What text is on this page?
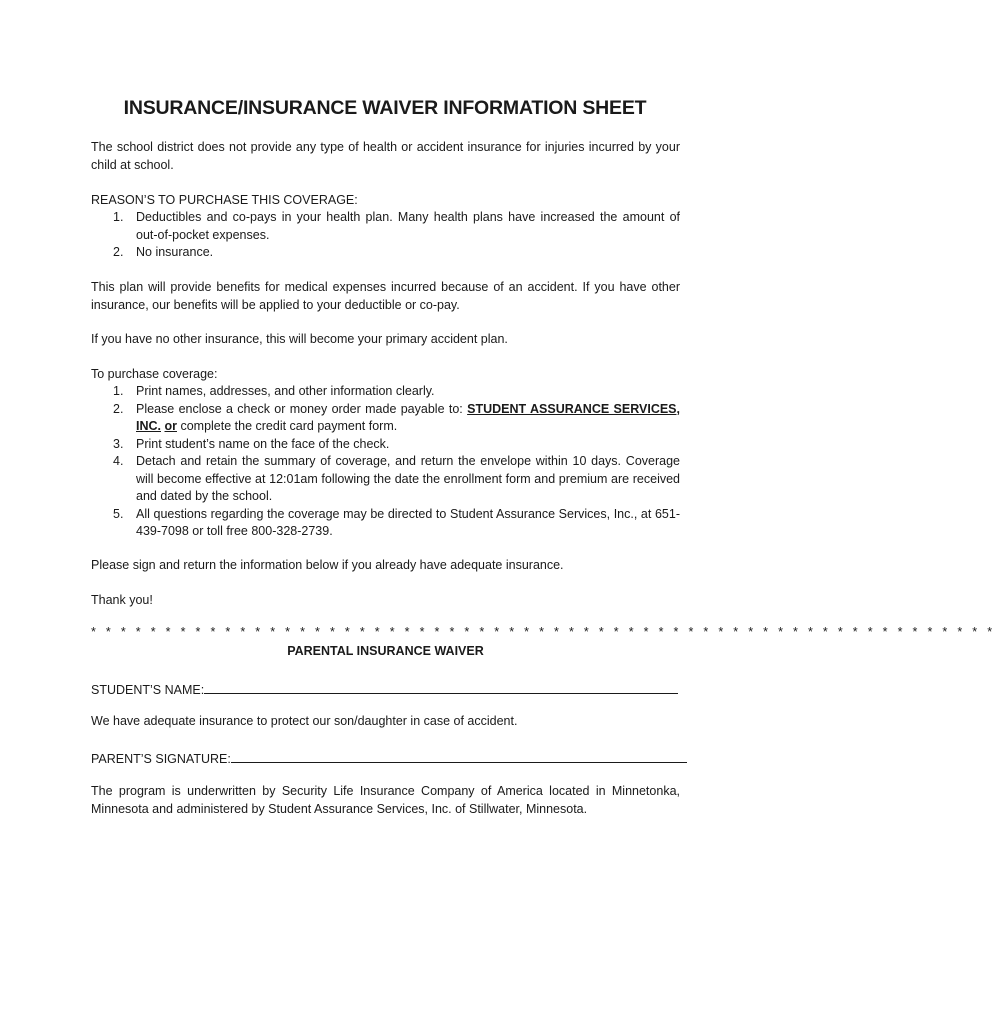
INSURANCE/INSURANCE WAIVER INFORMATION SHEET
The school district does not provide any type of health or accident insurance for injuries incurred by your child at school.
REASON’S TO PURCHASE THIS COVERAGE:
1. Deductibles and co-pays in your health plan. Many health plans have increased the amount of out-of-pocket expenses.
2. No insurance.
This plan will provide benefits for medical expenses incurred because of an accident. If you have other insurance, our benefits will be applied to your deductible or co-pay.
If you have no other insurance, this will become your primary accident plan.
To purchase coverage:
1. Print names, addresses, and other information clearly.
2. Please enclose a check or money order made payable to: STUDENT ASSURANCE SERVICES, INC. or complete the credit card payment form.
3. Print student’s name on the face of the check.
4. Detach and retain the summary of coverage, and return the envelope within 10 days. Coverage will become effective at 12:01am following the date the enrollment form and premium are received and dated by the school.
5. All questions regarding the coverage may be directed to Student Assurance Services, Inc., at 651-439-7098 or toll free 800-328-2739.
Please sign and return the information below if you already have adequate insurance.
Thank you!
* * * * * * * * * * * * * * * * * * * * * * * * * * * * * * * * * * * * * * * * * * * * * * * * * * * * * * * * * * * * *
PARENTAL INSURANCE WAIVER
STUDENT’S NAME:
We have adequate insurance to protect our son/daughter in case of accident.
PARENT’S SIGNATURE:
The program is underwritten by Security Life Insurance Company of America located in Minnetonka, Minnesota and administered by Student Assurance Services, Inc. of Stillwater, Minnesota.
